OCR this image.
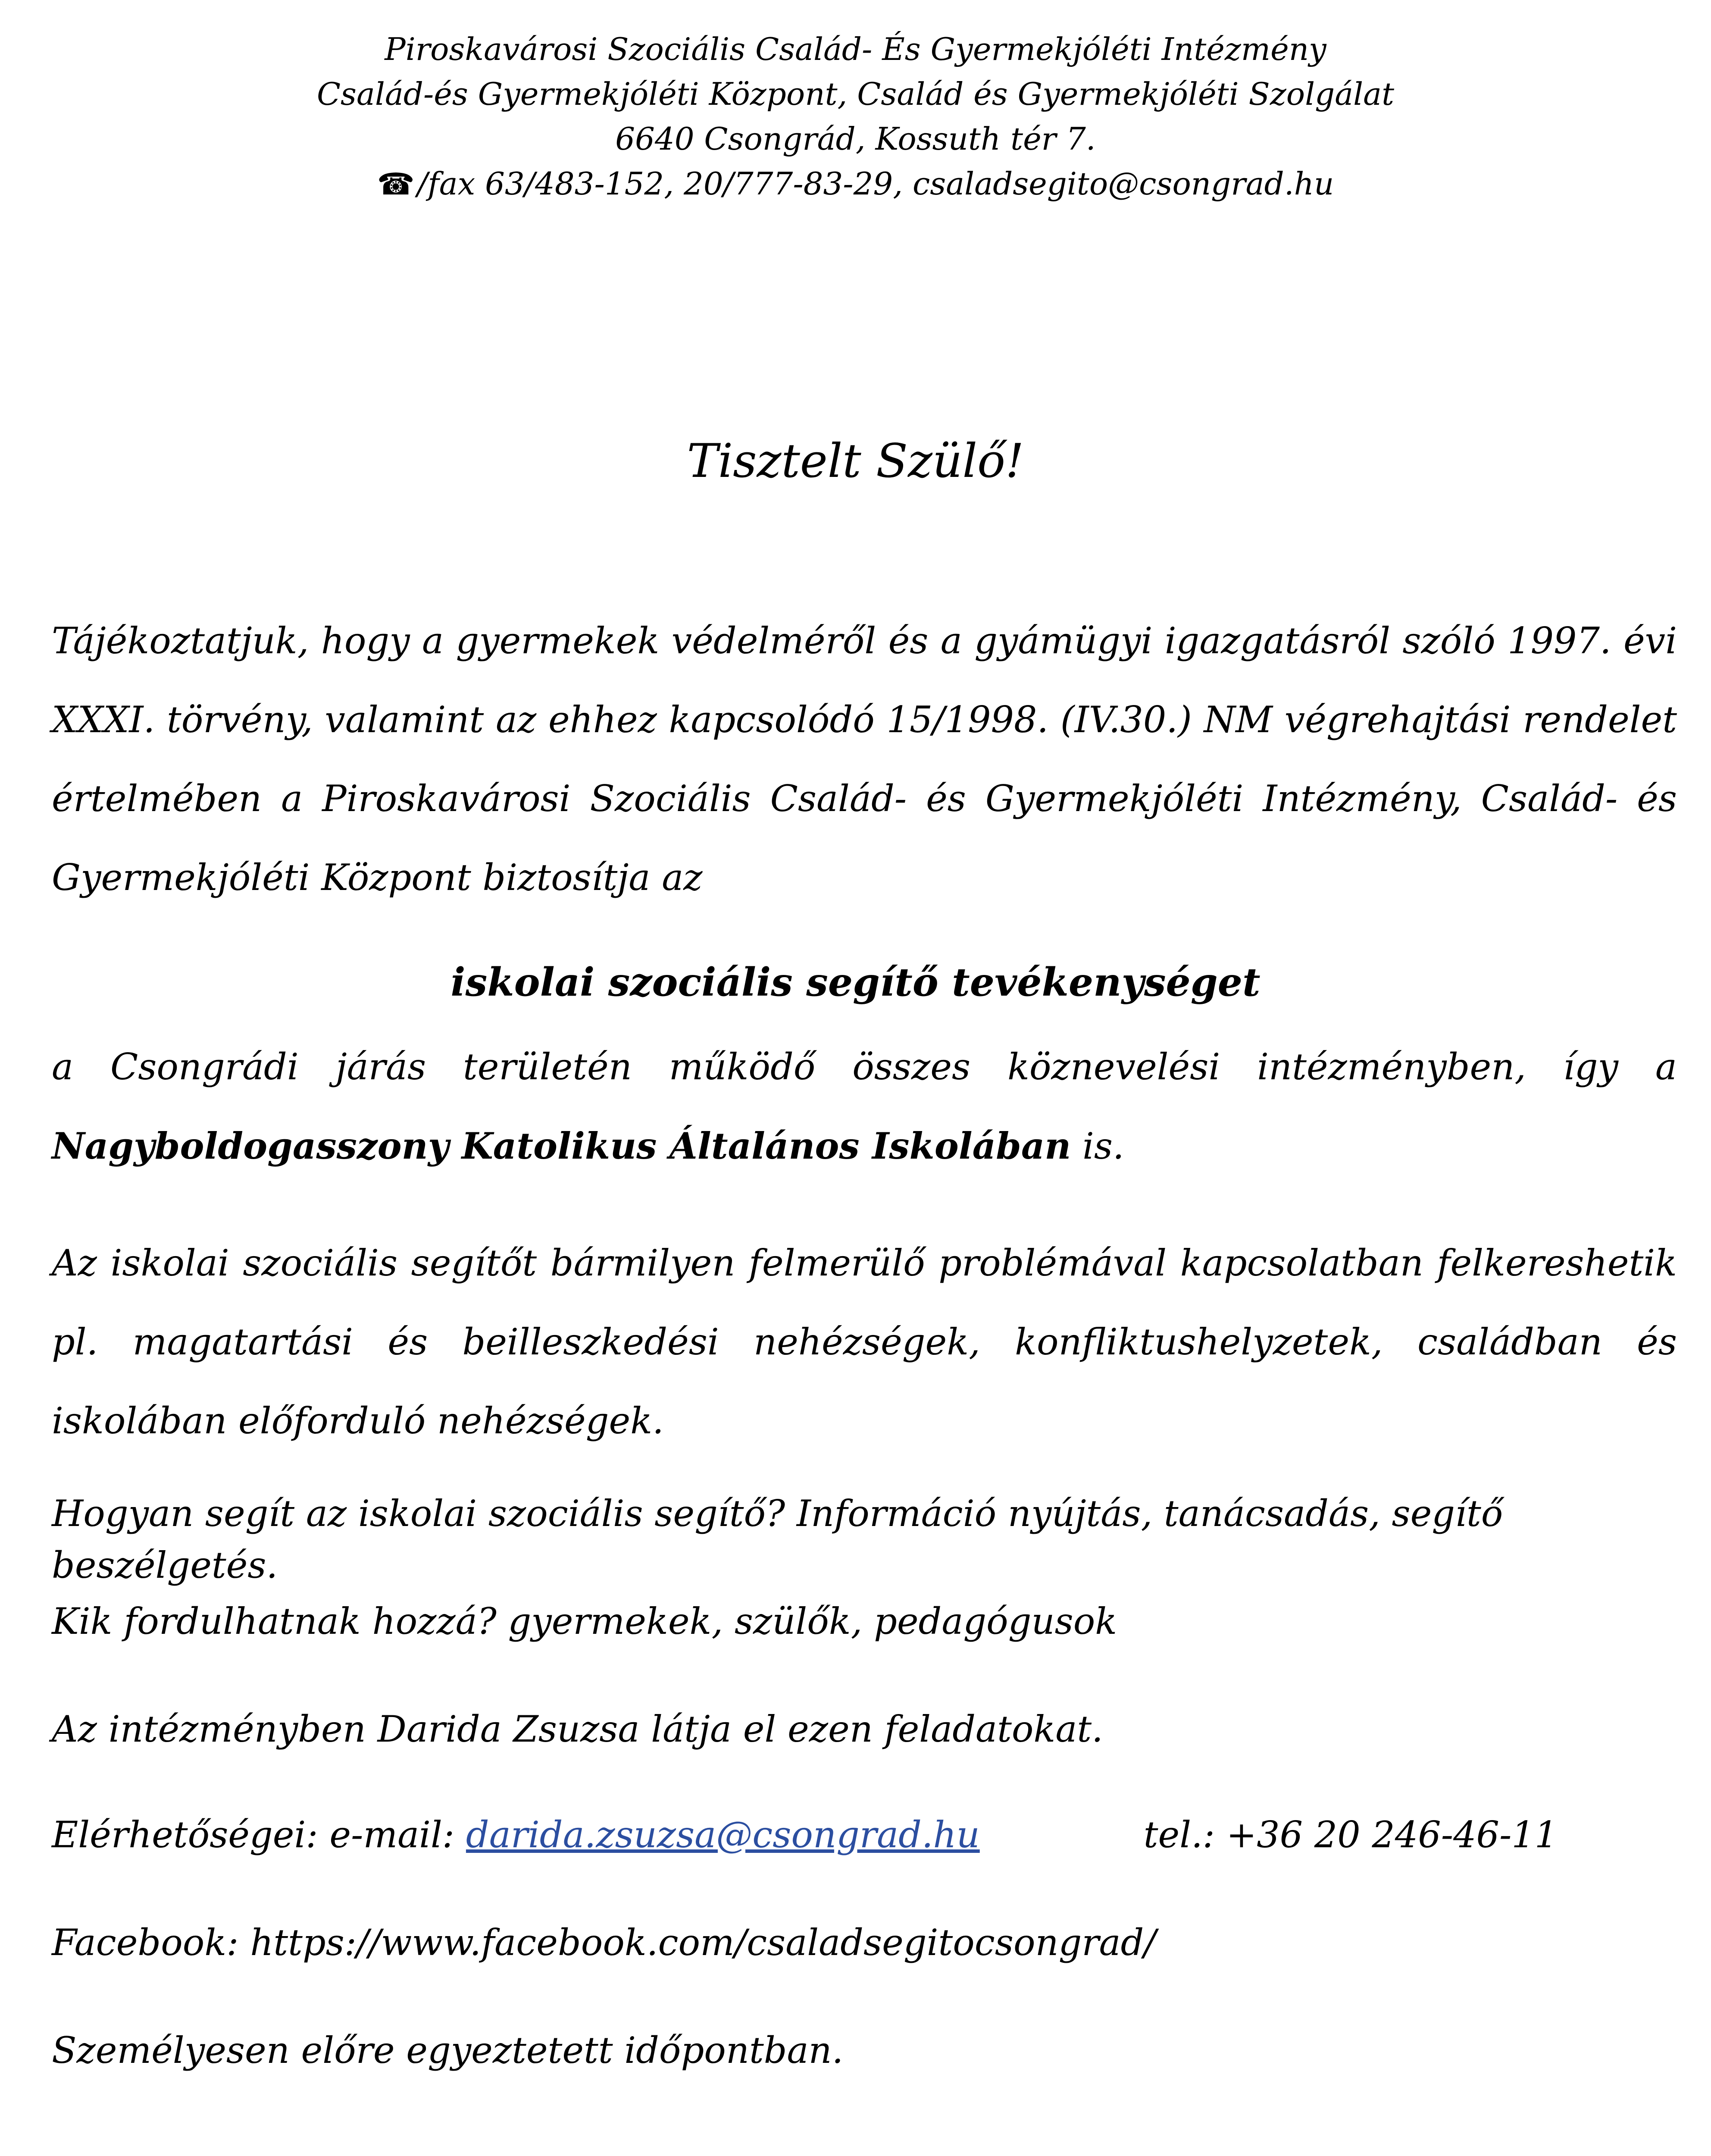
Piroskavárosi Szociális Család- És Gyermekjóléti Intézmény
Család-és Gyermekjóléti Központ, Család és Gyermekjóléti Szolgálat
6640 Csongrád, Kossuth tér 7.
☎/fax 63/483-152, 20/777-83-29, csaladsegito@csongrad.hu
Tisztelt Szülő!
Tájékoztatjuk, hogy a gyermekek védelméről és a gyámügyi igazgatásról szóló 1997. évi XXXI. törvény, valamint az ehhez kapcsolódó 15/1998. (IV.30.) NM végrehajtási rendelet értelmében a Piroskavárosi Szociális Család- és Gyermekjóléti Intézmény, Család- és Gyermekjóléti Központ biztosítja az
iskolai szociális segítő tevékenységet
a Csongrádi járás területén működő összes köznevelési intézményben, így a Nagyboldogasszony Katolikus Általános Iskolában is.
Az iskolai szociális segítőt bármilyen felmerülő problémával kapcsolatban felkereshetik pl. magatartási és beilleszkedési nehézségek, konfliktushelyzetek, családban és iskolában előforduló nehézségek.
Hogyan segít az iskolai szociális segítő? Információ nyújtás, tanácsadás, segítő beszélgetés.
Kik fordulhatnak hozzá? gyermekek, szülők, pedagógusok
Az intézményben Darida Zsuzsa látja el ezen feladatokat.
Elérhetőségei: e-mail: darida.zsuzsa@csongrad.hu	tel.: +36 20 246-46-11
Facebook: https://www.facebook.com/csaladsegitocsongrad/
Személyesen előre egyeztetett időpontban.
